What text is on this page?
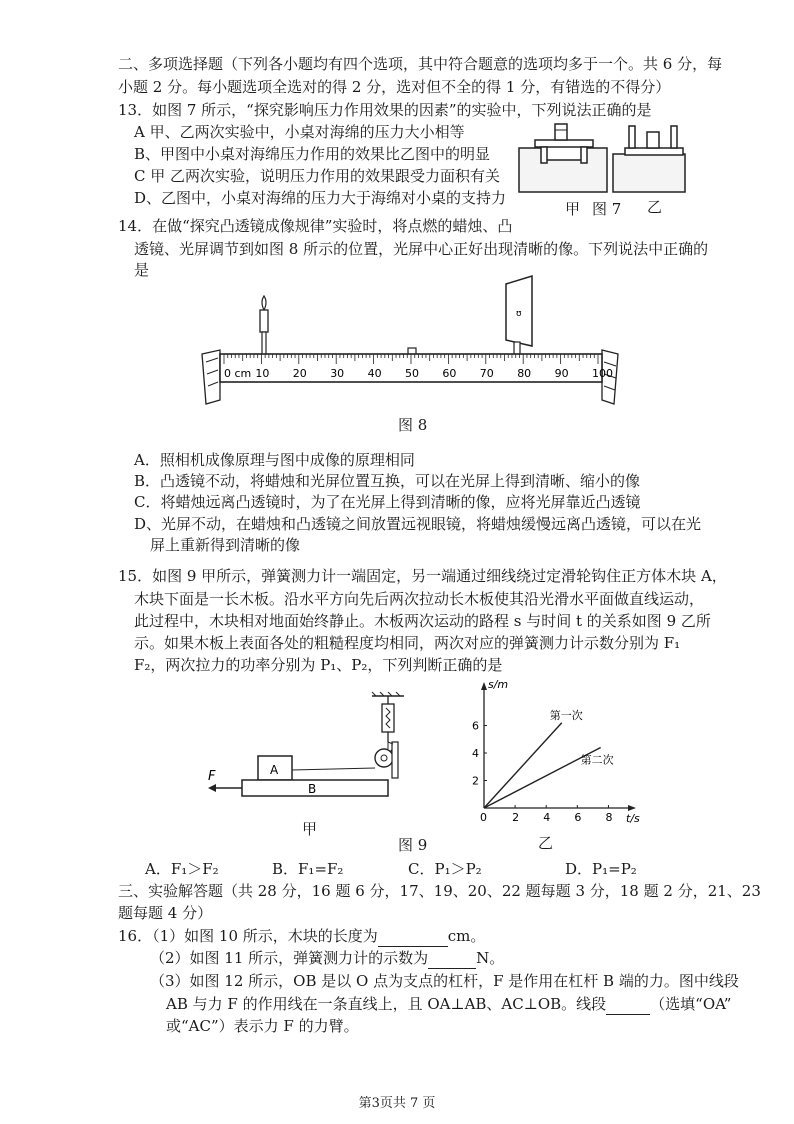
二、多项选择题（下列各小题均有四个选项，其中符合题意的选项均多于一个。共 6 分，每
小题 2 分。每小题选项全选对的得 2 分，选对但不全的得 1 分，有错选的不得分）
13．如图 7 所示，“探究影响压力作用效果的因素”的实验中，下列说法正确的是
A 甲、乙两次实验中，小桌对海绵的压力大小相等
B、甲图中小桌对海绵压力作用的效果比乙图中的明显
C 甲 乙两次实验，说明压力作用的效果跟受力面积有关
D、乙图中，小桌对海绵的压力大于海绵对小桌的支持力
甲 图 7 乙
14．在做“探究凸透镜成像规律”实验时，将点燃的蜡烛、凸
透镜、光屏调节到如图 8 所示的位置，光屏中心正好出现清晰的像。下列说法中正确的
是
ʊ
0 cm 10 20 30 40 50 60 70 80 90 100
图 8
A．照相机成像原理与图中成像的原理相同
B．凸透镜不动，将蜡烛和光屏位置互换，可以在光屏上得到清晰、缩小的像
C．将蜡烛远离凸透镜时，为了在光屏上得到清晰的像，应将光屏靠近凸透镜
D、光屏不动，在蜡烛和凸透镜之间放置远视眼镜，将蜡烛缓慢远离凸透镜，可以在光
屏上重新得到清晰的像
15．如图 9 甲所示，弹簧测力计一端固定，另一端通过细线绕过定滑轮钩住正方体木块 A，
木块下面是一长木板。沿水平方向先后两次拉动长木板使其沿光滑水平面做直线运动，
此过程中，木块相对地面始终静止。木板两次运动的路程 s 与时间 t 的关系如图 9 乙所
示。如果木板上表面各处的粗糙程度均相同，两次对应的弹簧测力计示数分别为 F₁
F₂，两次拉力的功率分别为 P₁、P₂，下列判断正确的是
F	A
B
甲
图 9
s/m
t/s
0 2 4 6 8
2
4
6
第一次
第二次
乙
A．F₁＞F₂	B．F₁=F₂	C．P₁＞P₂	D．P₁=P₂
三、实验解答题（共 28 分，16 题 6 分，17、19、20、22 题每题 3 分，18 题 2 分，21、23
题每题 4 分）
16．（1）如图 10 所示，木块的长度为	cm。
（2）如图 11 所示，弹簧测力计的示数为	N。
（3）如图 12 所示，OB 是以 O 点为支点的杠杆，F 是作用在杠杆 B 端的力。图中线段
AB 与力 F 的作用线在一条直线上，且 OA⊥AB、AC⊥OB。线段	（选填“OA”
或“AC”）表示力 F 的力臂。
第3页共 7 页
